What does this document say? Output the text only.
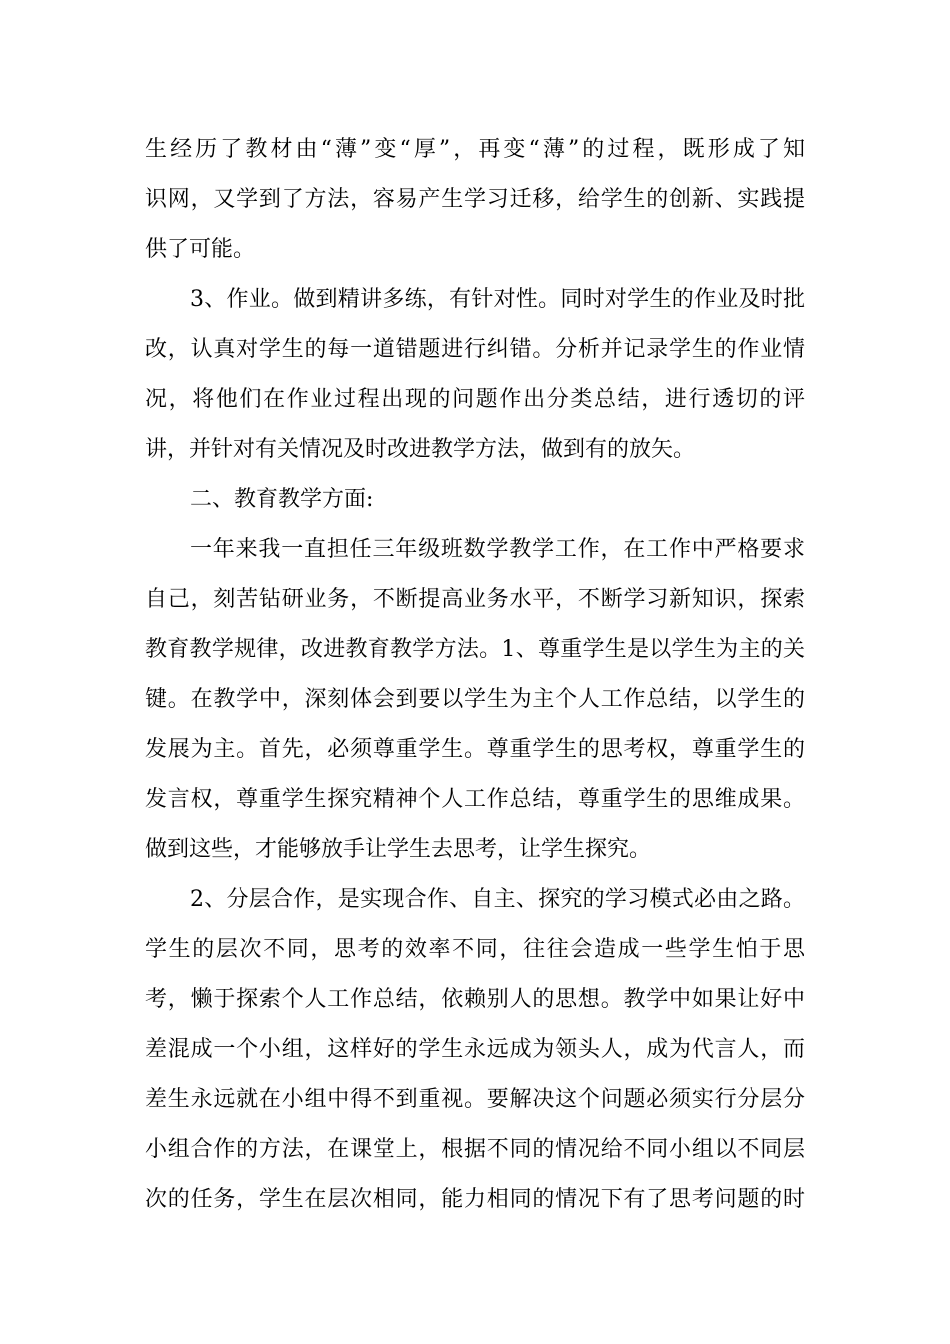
生经历了教材由“薄”变“厚”，再变“薄”的过程，既形成了知
识网，又学到了方法，容易产生学习迁移，给学生的创新、实践提
供了可能。
3、作业。做到精讲多练，有针对性。同时对学生的作业及时批
改，认真对学生的每一道错题进行纠错。分析并记录学生的作业情
况，将他们在作业过程出现的问题作出分类总结，进行透切的评
讲，并针对有关情况及时改进教学方法，做到有的放矢。
二、教育教学方面:
一年来我一直担任三年级班数学教学工作，在工作中严格要求
自己，刻苦钻研业务，不断提高业务水平，不断学习新知识，探索
教育教学规律，改进教育教学方法。1、尊重学生是以学生为主的关
键。在教学中，深刻体会到要以学生为主个人工作总结，以学生的
发展为主。首先，必须尊重学生。尊重学生的思考权，尊重学生的
发言权，尊重学生探究精神个人工作总结，尊重学生的思维成果。
做到这些，才能够放手让学生去思考，让学生探究。
2、分层合作，是实现合作、自主、探究的学习模式必由之路。
学生的层次不同，思考的效率不同，往往会造成一些学生怕于思
考，懒于探索个人工作总结，依赖别人的思想。教学中如果让好中
差混成一个小组，这样好的学生永远成为领头人，成为代言人，而
差生永远就在小组中得不到重视。要解决这个问题必须实行分层分
小组合作的方法，在课堂上，根据不同的情况给不同小组以不同层
次的任务，学生在层次相同，能力相同的情况下有了思考问题的时
